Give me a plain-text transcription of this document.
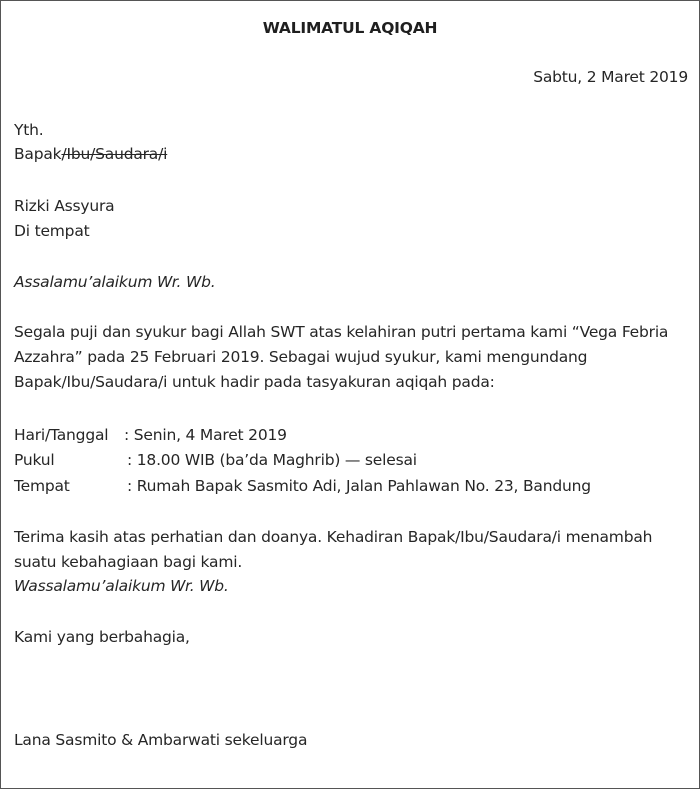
WALIMATUL AQIQAH
Sabtu, 2 Maret 2019
Yth.
Bapak/Ibu/Saudara/i
Rizki Assyura
Di tempat
Assalamu’alaikum Wr. Wb.
Segala puji dan syukur bagi Allah SWT atas kelahiran putri pertama kami “Vega Febria
Azzahra” pada 25 Februari 2019. Sebagai wujud syukur, kami mengundang
Bapak/Ibu/Saudara/i untuk hadir pada tasyakuran aqiqah pada:
Hari/Tanggal : Senin, 4 Maret 2019
Pukul	: 18.00 WIB (ba’da Maghrib) — selesai
Tempat	: Rumah Bapak Sasmito Adi, Jalan Pahlawan No. 23, Bandung
Terima kasih atas perhatian dan doanya. Kehadiran Bapak/Ibu/Saudara/i menambah
suatu kebahagiaan bagi kami.
Wassalamu’alaikum Wr. Wb.
Kami yang berbahagia,
Lana Sasmito & Ambarwati sekeluarga
